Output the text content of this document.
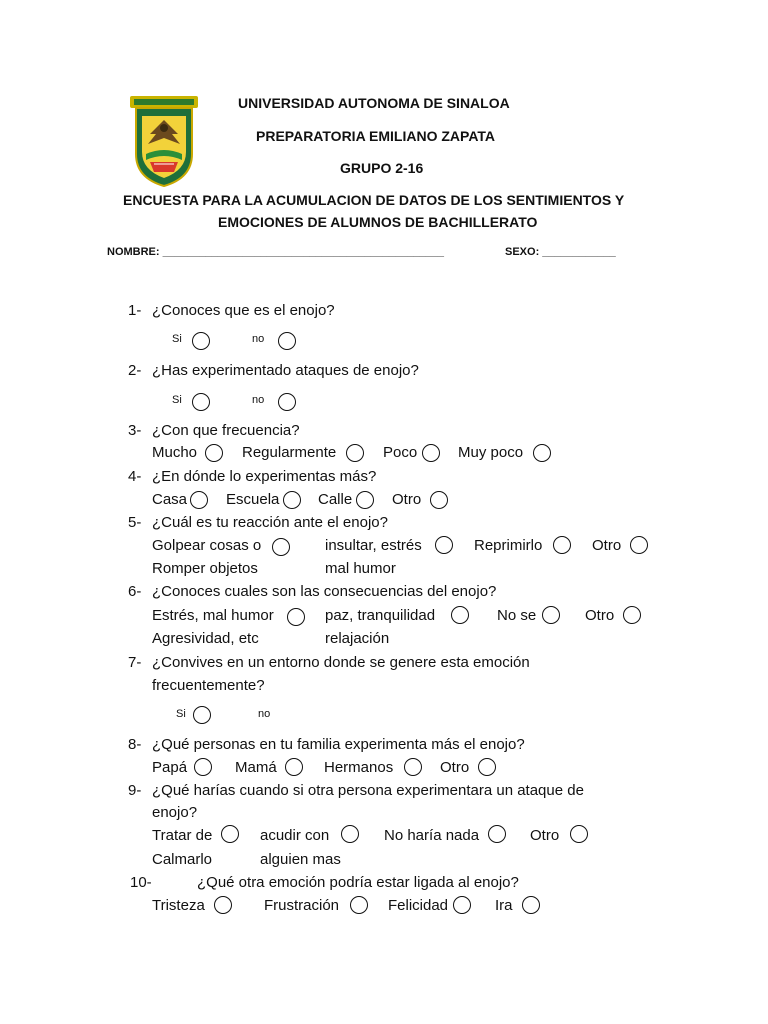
UNIVERSIDAD AUTONOMA DE SINALOA
PREPARATORIA EMILIANO ZAPATA
GRUPO 2-16
ENCUESTA PARA LA ACUMULACION DE DATOS DE LOS SENTIMIENTOS Y
EMOCIONES DE ALUMNOS DE BACHILLERATO
NOMBRE: ______________________________________________	SEXO: ____________
1- ¿Conoces que es el enojo?
Si	no
2- ¿Has experimentado ataques de enojo?
Si	no
3- ¿Con que frecuencia?
Mucho	Regularmente	Poco	Muy poco
4- ¿En dónde lo experimentas más?
Casa	Escuela	Calle	Otro
5- ¿Cuál es tu reacción ante el enojo?
Golpear cosas o
Romper objetos
insultar, estrés
mal humor
Reprimirlo	Otro
6- ¿Conoces cuales son las consecuencias del enojo?
Estrés, mal humor
Agresividad, etc
paz, tranquilidad
relajación
No se	Otro
7- ¿Convives en un entorno donde se genere esta emoción
frecuentemente?
Si	no
8- ¿Qué personas en tu familia experimenta más el enojo?
Papá	Mamá	Hermanos	Otro
9- ¿Qué harías cuando si otra persona experimentara un ataque de
enojo?
Tratar de
Calmarlo
acudir con
alguien mas
No haría nada	Otro
10-	¿Qué otra emoción podría estar ligada al enojo?
Tristeza	Frustración	Felicidad	Ira
